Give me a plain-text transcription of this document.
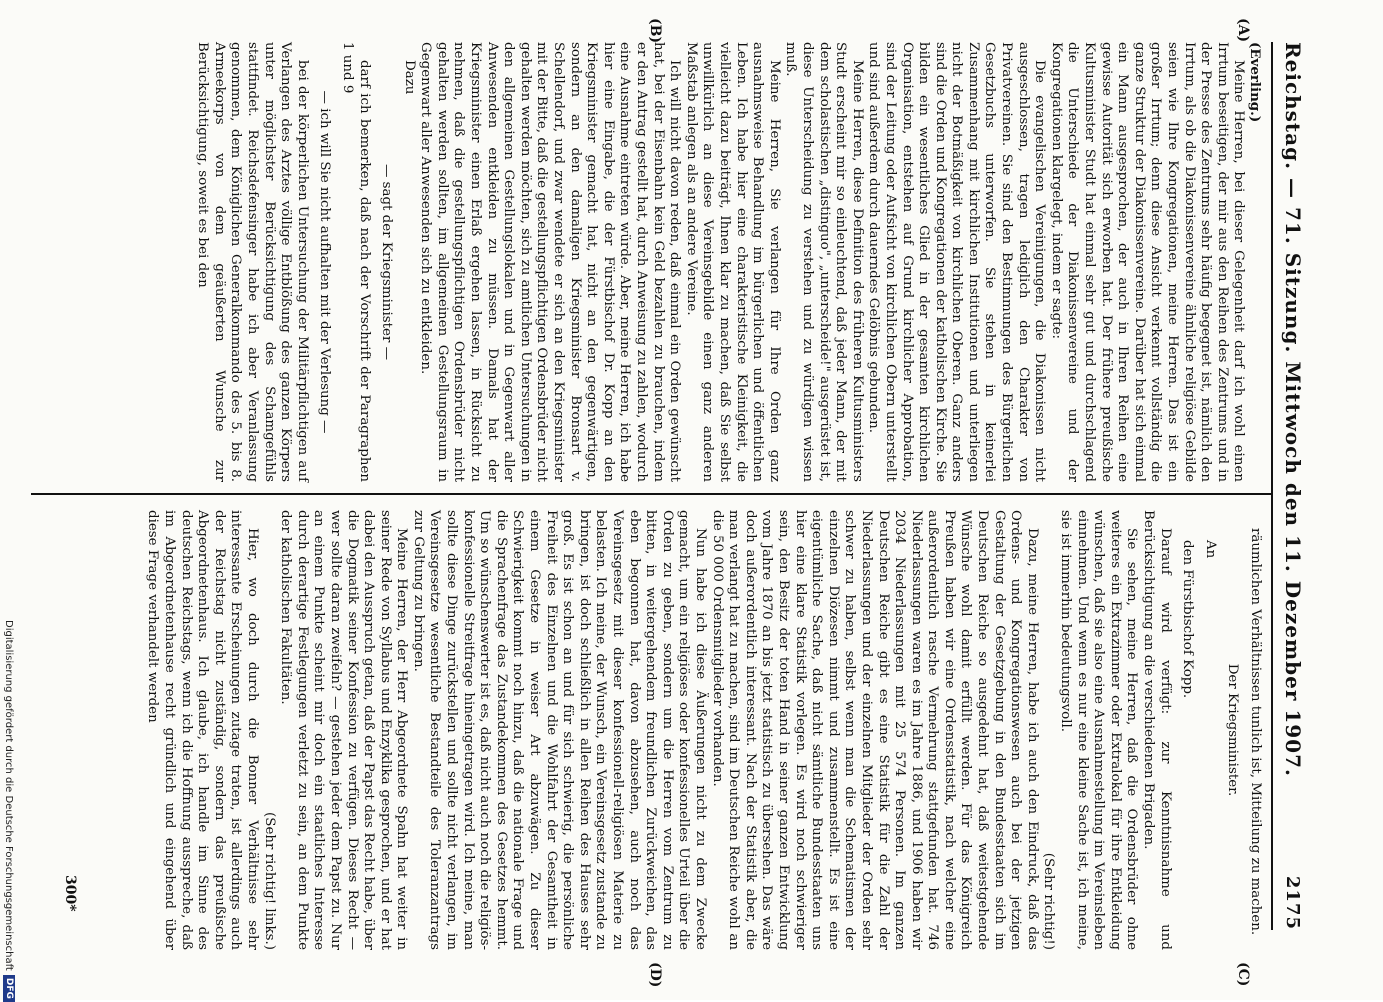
Reichstag. — 71. Sitzung. Mittwoch den 11. Dezember 1907.
2175
(A)
(B)
(C)
(D)

(Everling.)

Meine Herren, bei dieser Gelegenheit darf ich wohl einen Irrtum beseitigen, der mir aus den Reihen des Zentrums und in der Presse des Zentrums sehr häufig begegnet ist, nämlich den Irrtum, als ob die Diakonissenvereine ähnliche religiöse Gebilde seien wie Ihre Kongregationen, meine Herren. Das ist ein großer Irrtum; denn diese Ansicht verkennt vollständig die ganze Struktur der Diakonissenvereine. Darüber hat sich einmal ein Mann ausgesprochen, der auch in Ihren Reihen eine gewisse Autorität sich erworben hat. Der frühere preußische Kultusminister Studt hat einmal sehr gut und durchschlagend die Unterschiede der Diakonissenvereine und der Kongregationen klargelegt, indem er sagte:

Die evangelischen Vereinigungen, die Diakonissen nicht ausgeschlossen, tragen lediglich den Charakter von Privatvereinen. Sie sind den Bestimmungen des Bürgerlichen Gesetzbuchs unterworfen. Sie stehen in keinerlei Zusammenhang mit kirchlichen Institutionen und unterliegen nicht der Botmäßigkeit von kirchlichen Oberen. Ganz anders sind die Orden und Kongregationen der katholischen Kirche. Sie bilden ein wesentliches Glied in der gesamten kirchlichen Organisation, entstehen auf Grund kirchlicher Approbation, sind der Leitung oder Aufsicht von kirchlichen Obern unterstellt und sind außerdem durch dauerndes Gelöbnis gebunden.

Meine Herren, diese Definition des früheren Kultusministers Studt erscheint mir so einleuchtend, daß jeder Mann, der mit dem scholastischen „distinguo", „unterscheide!" ausgerüstet ist, diese Unterscheidung zu verstehen und zu würdigen wissen muß.

Meine Herren, Sie verlangen für Ihre Orden ganz ausnahmsweise Behandlung im bürgerlichen und öffentlichen Leben. Ich habe hier eine charakteristische Kleinigkeit, die vielleicht dazu beiträgt, Ihnen klar zu machen, daß Sie selbst unwillkürlich an diese Vereinsgebilde einen ganz anderen Maßstab anlegen als an andere Vereine.

Ich will nicht davon reden, daß einmal ein Orden gewünscht hat, bei der Eisenbahn kein Geld bezahlen zu brauchen, indem er den Antrag gestellt hat, durch Anweisung zu zahlen, wodurch eine Ausnahme eintreten würde. Aber, meine Herren, ich habe hier eine Eingabe, die der Fürstbischof Dr. Kopp an den Kriegsminister gemacht hat, nicht an den gegenwärtigen, sondern an den damaligen Kriegsminister Bronsart v. Schellendorf, und zwar wendete er sich an den Kriegsminister mit der Bitte, daß die gestellungspflichtigen Ordensbrüder nicht gehalten werden möchten, sich zu amtlichen Untersuchungen in den allgemeinen Gestellungslokalen und in Gegenwart aller Anwesenden entkleiden zu müssen. Damals hat der Kriegsminister einen Erlaß ergehen lassen, in Rücksicht zu nehmen, daß die gestellungspflichtigen Ordensbrüder nicht gehalten werden sollten, im allgemeinen Gestellungsraum in Gegenwart aller Anwesenden sich zu entkleiden.

Dazu

— sagt der Kriegsminister —

darf ich bemerken, daß nach der Vorschrift der Paragraphen 1 und 9

— ich will Sie nicht aufhalten mit der Verlesung —

bei der körperlichen Untersuchung der Militärpflichtigen auf Verlangen des Arztes völlige Entblößung des ganzen Körpers unter möglichster Berücksichtigung des Schamgefühls stattfindet. Reichsdefensinger habe ich aber Veranlassung genommen, dem Königlichen Generalkommando des 5. bis 8. Armeekorps von dem geäußerten Wunsche zur Berücksichtigung, soweit es bei den

räumlichen Verhältnissen tunlich ist, Mitteilung zu machen.

Der Kriegsminister.

An

den Fürstbischof Kopp.

Darauf wird verfügt: zur Kenntnisnahme und Berücksichtigung an die verschiedenen Brigaden.

Sie sehen, meine Herren, daß die Ordensbrüder ohne weiteres ein Extrazimmer oder Extralokal für ihre Entkleidung wünschen, daß sie also eine Ausnahmestellung im Vereinsleben einnehmen. Und wenn es nur eine kleine Sache ist, ich meine, sie ist immerhin bedeutungsvoll.

(Sehr richtig!)

Dazu, meine Herren, habe ich auch den Eindruck, daß das Ordens- und Kongregationswesen auch bei der jetzigen Gestaltung der Gesetzgebung in den Bundesstaaten sich im Deutschen Reiche so ausgedehnt hat, daß weitestgehende Wünsche wohl damit erfüllt werden. Für das Königreich Preußen haben wir eine Ordensstatistik, nach welcher eine außerordentlich rasche Vermehrung stattgefunden hat. 746 Niederlassungen waren es im Jahre 1886, und 1906 haben wir 2034 Niederlassungen mit 25 574 Personen. Im ganzen Deutschen Reiche gibt es eine Statistik für die Zahl der Niederlassungen und der einzelnen Mitglieder der Orden sehr schwer zu haben, selbst wenn man die Schematismen der einzelnen Diözesen nimmt und zusammenstellt. Es ist eine eigentümliche Sache, daß nicht sämtliche Bundesstaaten uns hier eine klare Statistik vorlegen. Es wird noch schwieriger sein, den Besitz der toten Hand in seiner ganzen Entwicklung vom Jahre 1870 an bis jetzt statistisch zu übersehen. Das wäre doch außerordentlich interessant. Nach der Statistik aber, die man verlangt hat zu machen, sind im Deutschen Reiche wohl an die 50 000 Ordensmitglieder vorhanden.

Nun habe ich diese Äußerungen nicht zu dem Zwecke gemacht, um ein religiöses oder konfessionelles Urteil über die Orden zu geben, sondern um die Herren vom Zentrum zu bitten, in weitergehendem freundlichen Zurückweichen, das eben begonnen hat, davon abzusehen, auch noch das Vereinsgesetz mit dieser konfessionell-religiösen Materie zu belasten. Ich meine, der Wunsch, ein Vereinsgesetz zustande zu bringen, ist doch schließlich in allen Reihen des Hauses sehr groß. Es ist schon an und für sich schwierig, die persönliche Freiheit des Einzelnen und die Wohlfahrt der Gesamtheit in einem Gesetze in weiser Art abzuwägen. Zu dieser Schwierigkeit kommt noch hinzu, daß die nationale Frage und die Sprachenfrage das Zustandekommen des Gesetzes hemmt. Um so wünschenswerter ist es, daß nicht auch noch die religiös-konfessionelle Streitfrage hineingetragen wird. Ich meine, man sollte diese Dinge zurückstellen und sollte nicht verlangen, im Vereinsgesetze wesentliche Bestandteile des Toleranzantrags zur Geltung zu bringen.

Meine Herren, der Herr Abgeordnete Spahn hat weiter in seiner Rede von Syllabus und Enzyklika gesprochen, und er hat dabei den Ausspruch getan, daß der Papst das Recht habe, über die Dogmatik seiner Konfession zu verfügen. Dieses Recht — wer sollte daran zweifeln? — gestehen jeder dem Papst zu. Nur an einem Punkte scheint mir doch ein staatliches Interesse durch derartige Festlegungen verletzt zu sein, an dem Punkte der katholischen Fakultäten.

(Sehr richtig! links.)

Hier, wo doch durch die Bonner Verhältnisse sehr interessante Erscheinungen zutage traten, ist allerdings auch der Reichstag nicht zuständig, sondern das preußische Abgeordnetenhaus. Ich glaube, ich handle im Sinne des deutschen Reichstags, wenn ich die Hoffnung ausspreche, daß im Abgeordnetenhause recht gründlich und eingehend über diese Frage verhandelt werden

300*
Digitalisierung gefördert durch die Deutsche Forschungsgemeinschaft
DFG
